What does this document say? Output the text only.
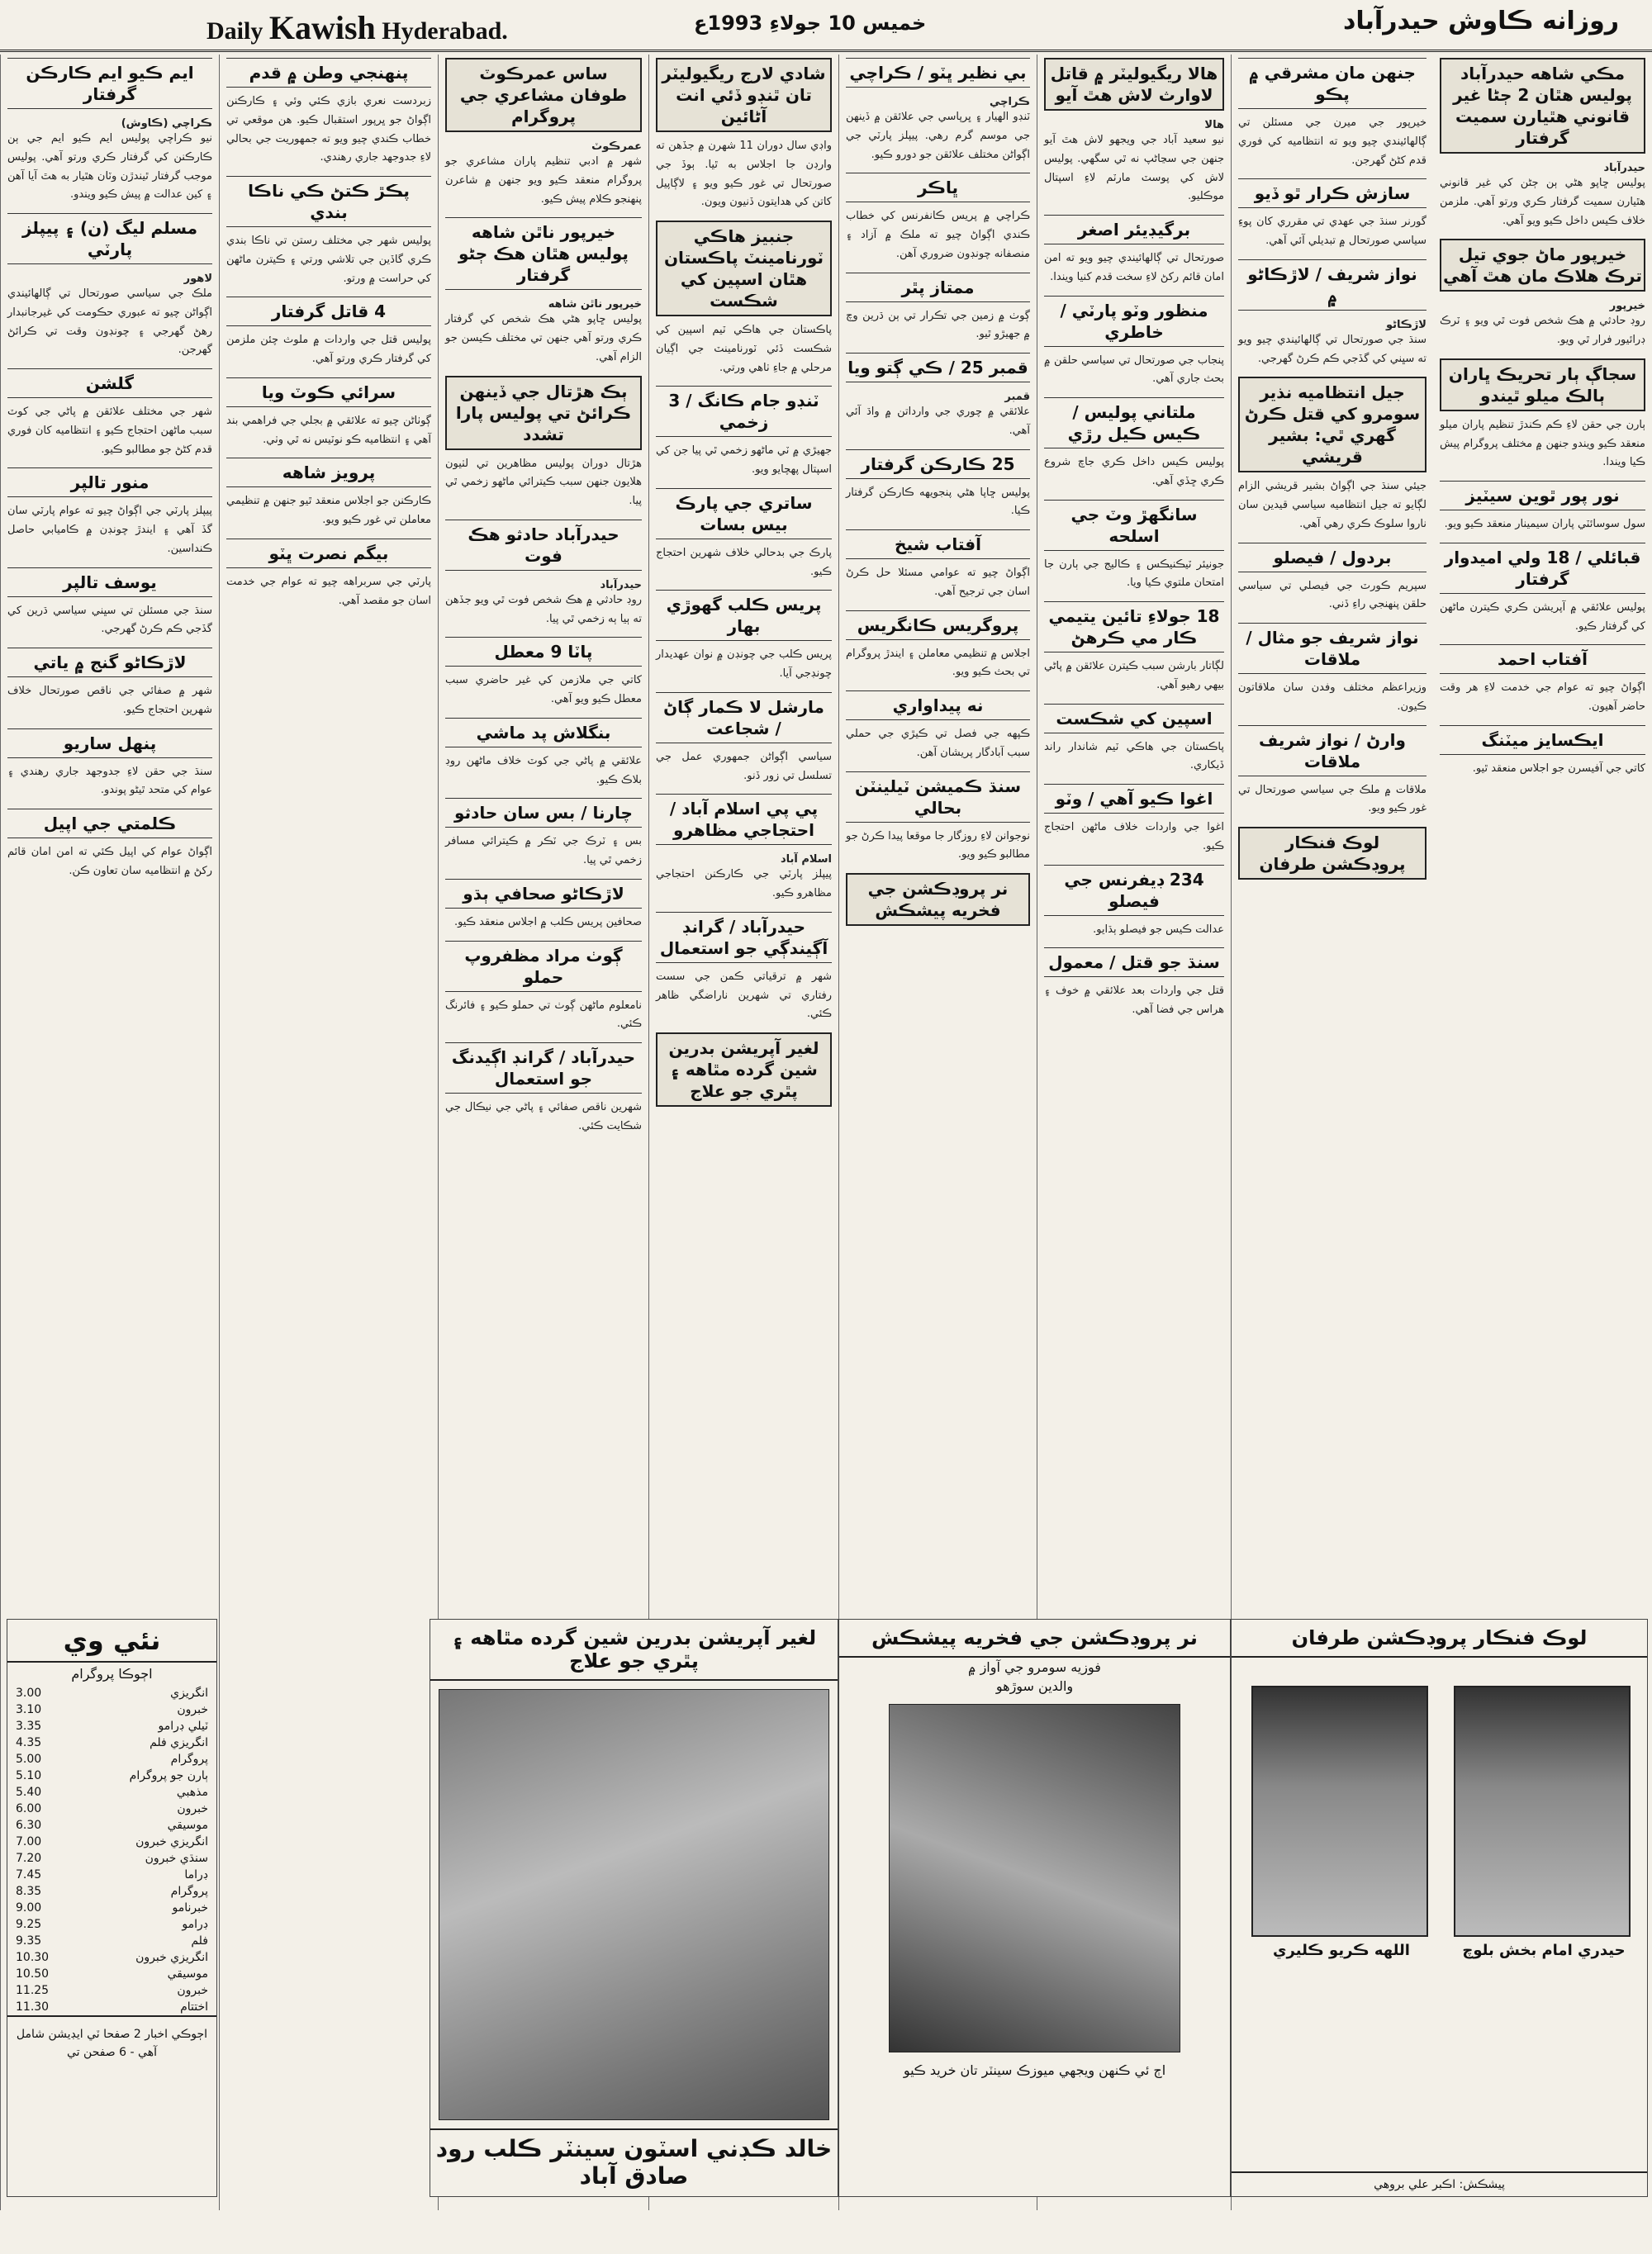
Daily Kawish Hyderabad.	خميس 10 جولاءِ 1993ع	روزانه ڪاوش حيدرآباد
ايم ڪيو ايم ڪارڪن گرفتار
ڪراچي (ڪاوش)
نيو ڪراچي پوليس ايم ڪيو ايم جي ٻن ڪارڪنن کي گرفتار ڪري ورتو آهي. پوليس موجب گرفتار ٿيندڙن وٽان هٿيار به هٿ آيا آهن ۽ کين عدالت ۾ پيش ڪيو ويندو.
مسلم ليگ (ن) ۽ پيپلز پارٽي
لاهور
ملڪ جي سياسي صورتحال تي ڳالهائيندي اڳواڻن چيو ته عبوري حڪومت کي غيرجانبدار رهڻ گهرجي ۽ چونڊون وقت تي ڪرائڻ گهرجن.
گلشن
شهر جي مختلف علائقن ۾ پاڻي جي کوٽ سبب ماڻهن احتجاج ڪيو ۽ انتظاميه کان فوري قدم کڻڻ جو مطالبو ڪيو.
منور تالپر
پيپلز پارٽي جي اڳواڻ چيو ته عوام پارٽي سان گڏ آهي ۽ ايندڙ چونڊن ۾ ڪاميابي حاصل ڪنداسين.
يوسف تالپر
سنڌ جي مسئلن تي سڀني سياسي ڌرين کي گڏجي ڪم ڪرڻ گهرجي.
لاڙڪاڻو گنج ۾ ياتي
شهر ۾ صفائي جي ناقص صورتحال خلاف شهرين احتجاج ڪيو.
پنهل ساريو
سنڌ جي حقن لاءِ جدوجهد جاري رهندي ۽ عوام کي متحد ٿيڻو پوندو.
ڪلمتي جي اپيل
اڳواڻ عوام کي اپيل ڪئي ته امن امان قائم رکڻ ۾ انتظاميه سان تعاون ڪن.
پنهنجي وطن ۾ قدم
زبردست نعري بازي ڪئي وئي ۽ ڪارڪنن اڳواڻ جو ڀرپور استقبال ڪيو. هن موقعي تي خطاب ڪندي چيو ويو ته جمهوريت جي بحالي لاءِ جدوجهد جاري رهندي.
پڪڙ ڪتڻ ڪي ناڪا بندي
پوليس شهر جي مختلف رستن تي ناڪا بندي ڪري گاڏين جي تلاشي ورتي ۽ ڪيترن ماڻهن کي حراست ۾ ورتو.
4 قاتل گرفتار
پوليس قتل جي واردات ۾ ملوث چئن ملزمن کي گرفتار ڪري ورتو آهي.
سرائي ڪوٽ ويا
ڳوٺاڻن چيو ته علائقي ۾ بجلي جي فراهمي بند آهي ۽ انتظاميه ڪو نوٽيس نه ٿي وٺي.
پرويز شاهه
ڪارڪنن جو اجلاس منعقد ٿيو جنهن ۾ تنظيمي معاملن تي غور ڪيو ويو.
بيگم نصرت ڀٽو
پارٽي جي سربراهه چيو ته عوام جي خدمت اسان جو مقصد آهي.
ساس عمرڪوٽ طوفان مشاعري جي پروگرام
عمرڪوٽ
شهر ۾ ادبي تنظيم پاران مشاعري جو پروگرام منعقد ڪيو ويو جنهن ۾ شاعرن پنهنجو ڪلام پيش ڪيو.
خيرپور ناٿن شاهه پوليس هٿان هڪ ڄڻو گرفتار
خيرپور ناٿن شاهه
پوليس ڇاپو هڻي هڪ شخص کي گرفتار ڪري ورتو آهي جنهن تي مختلف ڪيسن جو الزام آهي.
ٻڪ هڙتال جي ڏينهن ڪرائڻ تي پوليس پارا تشدد
هڙتال دوران پوليس مظاهرين تي لٺيون هلايون جنهن سبب ڪيترائي ماڻهو زخمي ٿي پيا.
حيدرآباد حادثو هڪ فوت
حيدرآباد
روڊ حادثي ۾ هڪ شخص فوت ٿي ويو جڏهن ته ٻيا ٻه زخمي ٿي پيا.
پاٽا 9 معطل
کاتي جي ملازمن کي غير حاضري سبب معطل ڪيو ويو آهي.
بنگلاش پد ماشي
علائقي ۾ پاڻي جي کوٽ خلاف ماڻهن روڊ بلاڪ ڪيو.
چارنا / بس سان حادثو
بس ۽ ٽرڪ جي ٽڪر ۾ ڪيترائي مسافر زخمي ٿي پيا.
لاڙڪاڻو صحافي ٻڌو
صحافين پريس ڪلب ۾ اجلاس منعقد ڪيو.
ڳوٺ مراد مظفروپ حملو
نامعلوم ماڻهن ڳوٺ تي حملو ڪيو ۽ فائرنگ ڪئي.
حيدرآباد / گرانڊ اڳيدنگ جو استعمال
شهرين ناقص صفائي ۽ پاڻي جي نيڪال جي شڪايت ڪئي.
شادي لارج ريگيوليٽر تان ٿنڊو ڏئي انت آڻائين
واڊي سال دوران 11 شهرن ۾ جڏهن ته وارڊن جا اجلاس به ٿيا. ٻوڏ جي صورتحال تي غور ڪيو ويو ۽ لاڳاپيل کاتن کي هدايتون ڏنيون ويون.
جنبيز هاڪي ٽورنامينٽ پاڪستان هٿان اسپين کي شڪست
پاڪستان جي هاڪي ٽيم اسپين کي شڪست ڏئي ٽورنامينٽ جي اڳيان مرحلي ۾ جاءِ ٺاهي ورتي.
ٽنڊو جام ڪانگ / 3 زخمي
جهيڙي ۾ ٽي ماڻهو زخمي ٿي پيا جن کي اسپتال پهچايو ويو.
ساتري جي پارڪ بيس بسات
پارڪ جي بدحالي خلاف شهرين احتجاج ڪيو.
پريس ڪلب گهوڙي بهار
پريس ڪلب جي چونڊن ۾ نوان عهديدار چونڊجي آيا.
مارشل لا ڪمار ڳاڻ / شجاعت
سياسي اڳواڻن جمهوري عمل جي تسلسل تي زور ڏنو.
پي پي اسلام آباد / احتجاجي مظاهرو
اسلام آباد
پيپلز پارٽي جي ڪارڪنن احتجاجي مظاهرو ڪيو.
حيدرآباد / گرانڊ آڳيندڳي جو استعمال
شهر ۾ ترقياتي ڪمن جي سست رفتاري تي شهرين ناراضگي ظاهر ڪئي.
لغير آپريشن بدرين شين گرده مٿاهه ۽ پٿري جو علاج
بي نظير ڀٽو / ڪراچي
ڪراچي
ٽنڊو الهيار ۽ ڀرپاسي جي علائقن ۾ ڏينهن جي موسم گرم رهي. پيپلز پارٽي جي اڳواڻن مختلف علائقن جو دورو ڪيو.
ڀاڪر
ڪراچي ۾ پريس ڪانفرنس کي خطاب ڪندي اڳواڻ چيو ته ملڪ ۾ آزاد ۽ منصفانه چونڊون ضروري آهن.
ممتاز پٿر
ڳوٺ ۾ زمين جي تڪرار تي ٻن ڌرين وچ ۾ جهيڙو ٿيو.
قمبر 25 / ڪي ڳتو ويا
قمبر
علائقي ۾ چوري جي وارداتن ۾ واڌ آئي آهي.
25 ڪارڪن گرفتار
پوليس ڇاپا هڻي پنجويهه ڪارڪن گرفتار ڪيا.
آفتاب شيخ
اڳواڻ چيو ته عوامي مسئلا حل ڪرڻ اسان جي ترجيح آهي.
پروگريس ڪانگريس
اجلاس ۾ تنظيمي معاملن ۽ ايندڙ پروگرام تي بحث ڪيو ويو.
نه پيداواري
ڪپهه جي فصل تي ڪيڙي جي حملي سبب آبادگار پريشان آهن.
سنڌ ڪميشن ٽيلينٽن بحالي
نوجوانن لاءِ روزگار جا موقعا پيدا ڪرڻ جو مطالبو ڪيو ويو.
نر پروڊڪشن جي فخريه پيشڪش
هالا ريگيوليٽر ۾ قاتل لاوارث لاش هٿ آيو
هالا
نيو سعيد آباد جي ويجهو لاش هٿ آيو جنهن جي سڃاڻپ نه ٿي سگهي. پوليس لاش کي پوسٽ مارٽم لاءِ اسپتال موڪليو.
برگيڊيئر اصغر
صورتحال تي ڳالهائيندي چيو ويو ته امن امان قائم رکڻ لاءِ سخت قدم کنيا ويندا.
منظور وٽو پارٽي / خاطري
پنجاب جي صورتحال تي سياسي حلقن ۾ بحث جاري آهي.
ملتاني پوليس / ڪيس ڪيل رڙي
پوليس ڪيس داخل ڪري جاچ شروع ڪري ڇڏي آهي.
سانگهڙ وٽ جي اسلحه
جونيئر ٽيڪنيڪس ۽ ڪاليج جي ٻارن جا امتحان ملتوي ڪيا ويا.
18 جولاءِ تائين يتيمي ڪار مي ڪرهڻ
لڳاتار بارشن سبب ڪيترن علائقن ۾ پاڻي بيهي رهيو آهي.
اسپين کي شڪست
پاڪستان جي هاڪي ٽيم شاندار راند ڏيکاري.
اغوا ڪيو آهي / وٽو
اغوا جي واردات خلاف ماڻهن احتجاج ڪيو.
234 ڊيفرنس جي فيصلو
عدالت ڪيس جو فيصلو ٻڌايو.
سنڌ جو قتل / معمول
قتل جي واردات بعد علائقي ۾ خوف ۽ هراس جي فضا آهي.
جنهن مان مشرقي ۾ پڪو
خيرپور جي ميرن جي مسئلن تي ڳالهائيندي چيو ويو ته انتظاميه کي فوري قدم کڻڻ گهرجن.
سازش ڪرار ٿو ڏيو
گورنر سنڌ جي عهدي تي مقرري کان پوءِ سياسي صورتحال ۾ تبديلي آئي آهي.
نواز شريف / لاڙڪاڻو ۾
لاڙڪاڻو
سنڌ جي صورتحال تي ڳالهائيندي چيو ويو ته سڀني کي گڏجي ڪم ڪرڻ گهرجي.
جيل انتظاميه نذير سومرو کي قتل ڪرڻ گهري ٿي: بشير قريشي
جيئي سنڌ جي اڳواڻ بشير قريشي الزام لڳايو ته جيل انتظاميه سياسي قيدين سان ناروا سلوڪ ڪري رهي آهي.
بردول / فيصلو
سپريم ڪورٽ جي فيصلي تي سياسي حلقن پنهنجي راءِ ڏني.
نواز شريف جو مثال / ملاقات
وزيراعظم مختلف وفدن سان ملاقاتون ڪيون.
وارڻ / نواز شريف ملاقات
ملاقات ۾ ملڪ جي سياسي صورتحال تي غور ڪيو ويو.
لوڪ فنڪار پروڊڪشن طرفان
مڪي شاهه حيدرآباد پوليس هٿان 2 ڄڻا غير قانوني هٿيارن سميت گرفتار
حيدرآباد
پوليس ڇاپو هڻي ٻن ڄڻن کي غير قانوني هٿيارن سميت گرفتار ڪري ورتو آهي. ملزمن خلاف ڪيس داخل ڪيو ويو آهي.
خيرپور ماڻ جوي تيل ترڪ هلاڪ مان هٿ آهي
خيرپور
روڊ حادثي ۾ هڪ شخص فوت ٿي ويو ۽ ٽرڪ ڊرائيور فرار ٿي ويو.
سجاڳ ٻار تحريڪ ڀاران ٻالڪ ميلو ٿيندو
ٻارن جي حقن لاءِ ڪم ڪندڙ تنظيم پاران ميلو منعقد ڪيو ويندو جنهن ۾ مختلف پروگرام پيش ڪيا ويندا.
نور پور ٿوين سيٽيز
سول سوسائٽي پاران سيمينار منعقد ڪيو ويو.
قبائلي / 18 ولي اميدوار گرفتار
پوليس علائقي ۾ آپريشن ڪري ڪيترن ماڻهن کي گرفتار ڪيو.
آفتاب احمد
اڳواڻ چيو ته عوام جي خدمت لاءِ هر وقت حاضر آهيون.
ايڪسايز ميٽنگ
کاتي جي آفيسرن جو اجلاس منعقد ٿيو.
نئي وي
اڄوڪا پروگرام
انگريزي
3.00
خبرون
3.10
ٽيلي ڊرامو
3.35
انگريزي فلم
4.35
پروگرام
5.00
ٻارن جو پروگرام
5.10
مذهبي
5.40
خبرون
6.00
موسيقي
6.30
انگريزي خبرون
7.00
سنڌي خبرون
7.20
ڊراما
7.45
پروگرام
8.35
خبرنامو
9.00
ڊرامو
9.25
فلم
9.35
انگريزي خبرون
10.30
موسيقي
10.50
خبرون
11.25
اختتام
11.30
اڄوڪي اخبار 2 صفحا ٽي ايڊيشن شامل آهي - 6 صفحن تي
لغير آپريشن بدرين شين گرده مٿاهه ۽ پٿري جو علاج
خالد ڪڊني اسٽون سينٽر ڪلب رود صادق آباد
نر پروڊڪشن جي فخريه پيشڪش
فوزيه سومرو جي آواز ۾
والدين سوڙهو
اڄ ئي ڪنهن ويجهي ميوزڪ سينٽر تان خريد ڪيو
لوڪ فنڪار پروڊڪشن طرفان
حيدري امام بخش بلوچ
اللهه ڪريو ڪليري
پيشڪش: اڪبر علي بروهي
